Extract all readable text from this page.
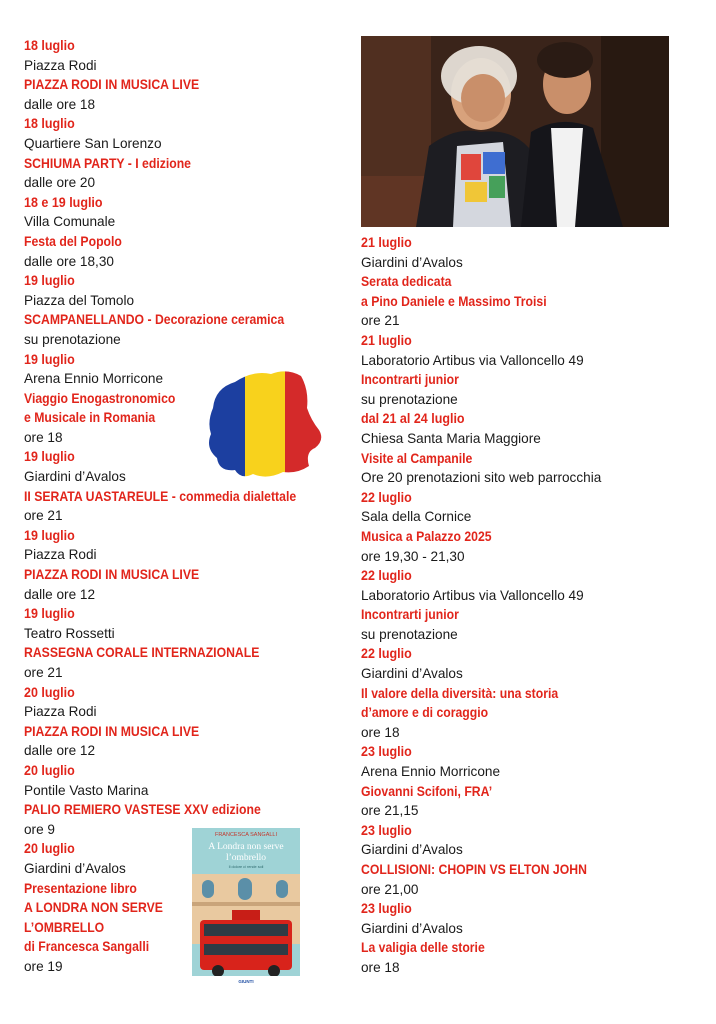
18 luglio
Piazza Rodi
PIAZZA RODI IN MUSICA LIVE
dalle ore 18
18 luglio
Quartiere San Lorenzo
SCHIUMA PARTY - I edizione
dalle ore 20
18 e 19 luglio
Villa Comunale
Festa del Popolo
dalle ore 18,30
19 luglio
Piazza del Tomolo
SCAMPANELLANDO - Decorazione ceramica
su prenotazione
19 luglio
Arena Ennio Morricone
Viaggio Enogastronomico
e Musicale in Romania
ore 18
19 luglio
Giardini d’Avalos
II SERATA UASTAREULE - commedia dialettale
ore 21
19 luglio
Piazza Rodi
PIAZZA RODI IN MUSICA LIVE
dalle ore 12
19 luglio
Teatro Rossetti
RASSEGNA CORALE INTERNAZIONALE
ore 21
20 luglio
Piazza Rodi
PIAZZA RODI IN MUSICA LIVE
dalle ore 12
20 luglio
Pontile Vasto Marina
PALIO REMIERO VASTESE XXV edizione
ore 9
20 luglio
Giardini d’Avalos
Presentazione libro
A LONDRA NON SERVE
L’OMBRELLO
di Francesca Sangalli
ore 19
21 luglio
Giardini d’Avalos
Serata dedicata
a Pino Daniele e Massimo Troisi
ore 21
21 luglio
Laboratorio Artibus via Valloncello 49
Incontrarti junior
su prenotazione
dal 21 al 24 luglio
Chiesa Santa Maria Maggiore
Visite al Campanile
Ore 20 prenotazioni sito web parrocchia
22 luglio
Sala della Cornice
Musica a Palazzo 2025
ore 19,30 - 21,30
22 luglio
Laboratorio Artibus via Valloncello 49
Incontrarti junior
su prenotazione
22 luglio
Giardini d’Avalos
Il valore della diversità: una storia
d’amore e di coraggio
ore 18
23 luglio
Arena Ennio Morricone
Giovanni Scifoni, FRA’
ore 21,15
23 luglio
Giardini d’Avalos
COLLISIONI: CHOPIN VS ELTON JOHN
ore 21,00
23 luglio
Giardini d’Avalos
La valigia delle storie
ore 18
FRANCESCA SANGALLI
A Londra non serve
l’ombrello
Il dolore ci rende soli
GIUNTI
